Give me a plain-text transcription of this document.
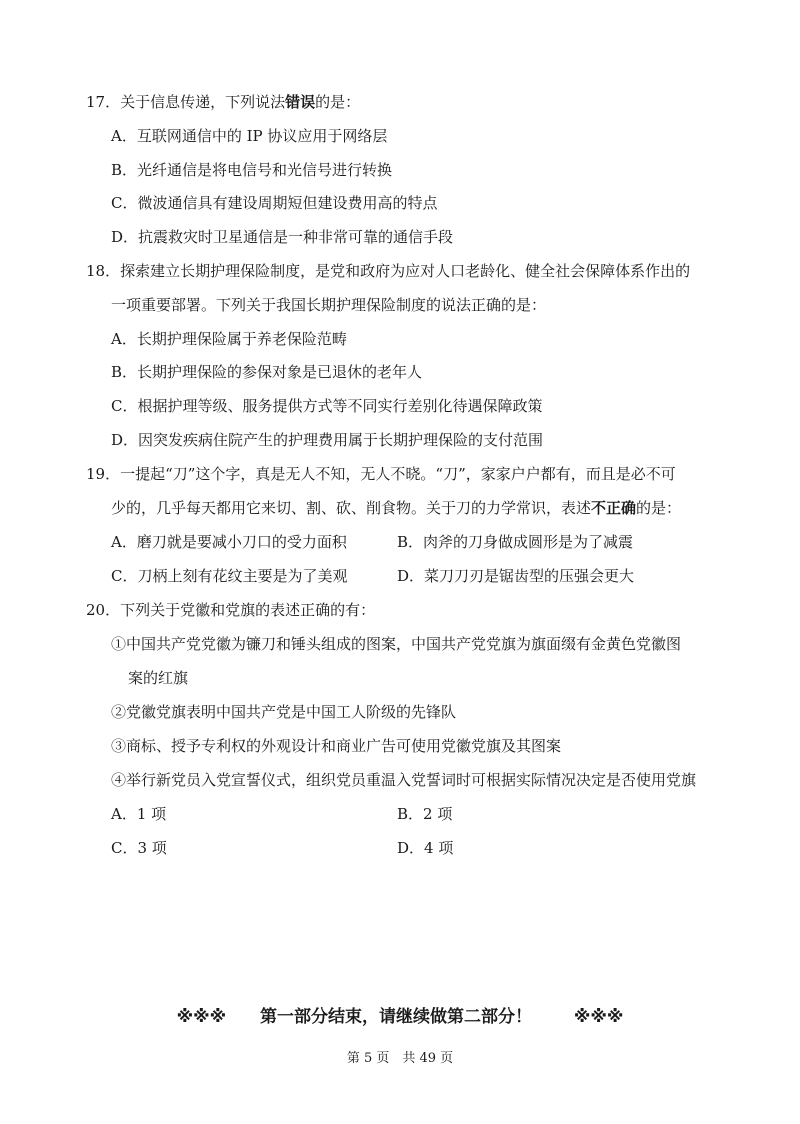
17．关于信息传递，下列说法错误的是：
A．互联网通信中的 IP 协议应用于网络层
B．光纤通信是将电信号和光信号进行转换
C．微波通信具有建设周期短但建设费用高的特点
D．抗震救灾时卫星通信是一种非常可靠的通信手段
18．探索建立长期护理保险制度，是党和政府为应对人口老龄化、健全社会保障体系作出的
一项重要部署。下列关于我国长期护理保险制度的说法正确的是：
A．长期护理保险属于养老保险范畴
B．长期护理保险的参保对象是已退休的老年人
C．根据护理等级、服务提供方式等不同实行差别化待遇保障政策
D．因突发疾病住院产生的护理费用属于长期护理保险的支付范围
19．一提起“刀”这个字，真是无人不知，无人不晓。“刀”，家家户户都有，而且是必不可
少的，几乎每天都用它来切、割、砍、削食物。关于刀的力学常识，表述不正确的是：
A．磨刀就是要减小刀口的受力面积	B．肉斧的刀身做成圆形是为了减震
C．刀柄上刻有花纹主要是为了美观	D．菜刀刀刃是锯齿型的压强会更大
20．下列关于党徽和党旗的表述正确的有：
①中国共产党党徽为镰刀和锤头组成的图案，中国共产党党旗为旗面缀有金黄色党徽图
案的红旗
②党徽党旗表明中国共产党是中国工人阶级的先锋队
③商标、授予专利权的外观设计和商业广告可使用党徽党旗及其图案
④举行新党员入党宣誓仪式，组织党员重温入党誓词时可根据实际情况决定是否使用党旗
A．1 项	B．2 项
C．3 项	D．4 项
※※※ 第一部分结束，请继续做第二部分！ ※※※
第 5 页　共 49 页
